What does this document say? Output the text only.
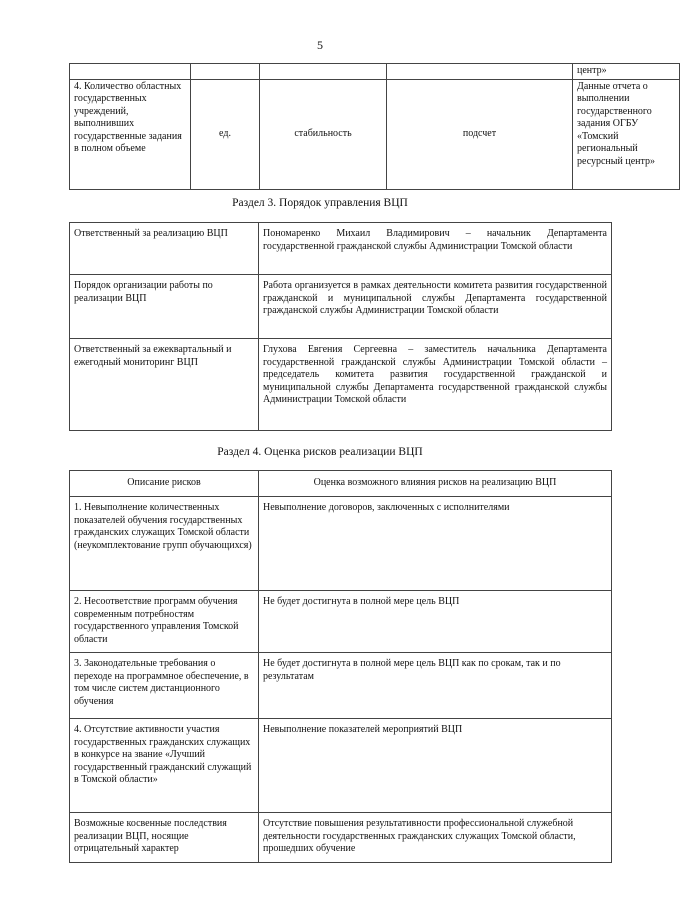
5
				центр»
4. Количество областных государственных учреждений, выполнивших государственные задания в полном объеме	ед.	стабильность	подсчет	Данные отчета о выполнении государственного задания ОГБУ «Томский региональный ресурсный центр»
Раздел 3. Порядок управления ВЦП
Ответственный за реализацию ВЦП	Пономаренко Михаил Владимирович – начальник Департамента государственной гражданской службы Администрации Томской области
Порядок организации работы по реализации ВЦП	Работа организуется в рамках деятельности комитета развития государственной гражданской и муниципальной службы Департамента государственной гражданской службы Администрации Томской области
Ответственный за ежеквартальный и ежегодный мониторинг ВЦП	Глухова Евгения Сергеевна – заместитель начальника Департамента государственной гражданской службы Администрации Томской области – председатель комитета развития государственной гражданской и муниципальной службы Департамента государственной гражданской службы Администрации Томской области
Раздел 4. Оценка рисков реализации ВЦП
Описание рисков	Оценка возможного влияния рисков на реализацию ВЦП
1. Невыполнение количественных показателей обучения государственных гражданских служащих Томской области (неукомплектование групп обучающихся)	Невыполнение договоров, заключенных с исполнителями
2. Несоответствие программ обучения современным потребностям государственного управления Томской области	Не будет достигнута в полной мере цель ВЦП
3. Законодательные требования о переходе на программное обеспечение, в том числе систем дистанционного обучения	Не будет достигнута в полной мере цель ВЦП как по срокам, так и по результатам
4. Отсутствие активности участия государственных гражданских служащих в конкурсе на звание «Лучший государственный гражданский служащий в Томской области»	Невыполнение показателей мероприятий ВЦП
Возможные косвенные последствия реализации ВЦП, носящие отрицательный характер	Отсутствие повышения результативности профессиональной служебной деятельности государственных гражданских служащих Томской области, прошедших обучение
